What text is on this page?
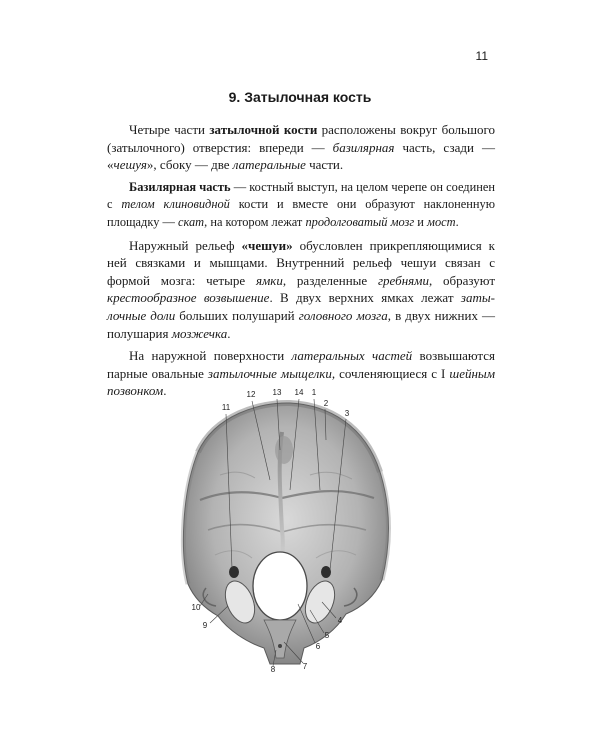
11
9. Затылочная кость

Четыре части затылочной кости расположены вокруг большого (затылочного) отверстия: впереди — базилярная часть, сзади — «чешуя», сбоку — две латеральные части.

Базилярная часть — костный выступ, на целом черепе он соединен с телом клиновидной кости и вместе они образуют наклоненную площадку — скат, на котором лежат продолговатый мозг и мост.

Наружный рельеф «чешуи» обусловлен прикрепляющимися к ней связками и мышцами. Внутренний рельеф чешуи связан с формой мозга: четыре ямки, разделенные гребнями, образуют крестообразное возвышение. В двух верхних ямках лежат затылочные доли больших полушарий головного мозга, в двух нижних — полушария мозжечка.

На наружной поверхности латеральных частей возвышаются парные овальные затылочные мыщелки, сочленяющиеся с I шейным позвонком.

11
12 13 14 1
2
3
4
5
6
7
8
9
10
